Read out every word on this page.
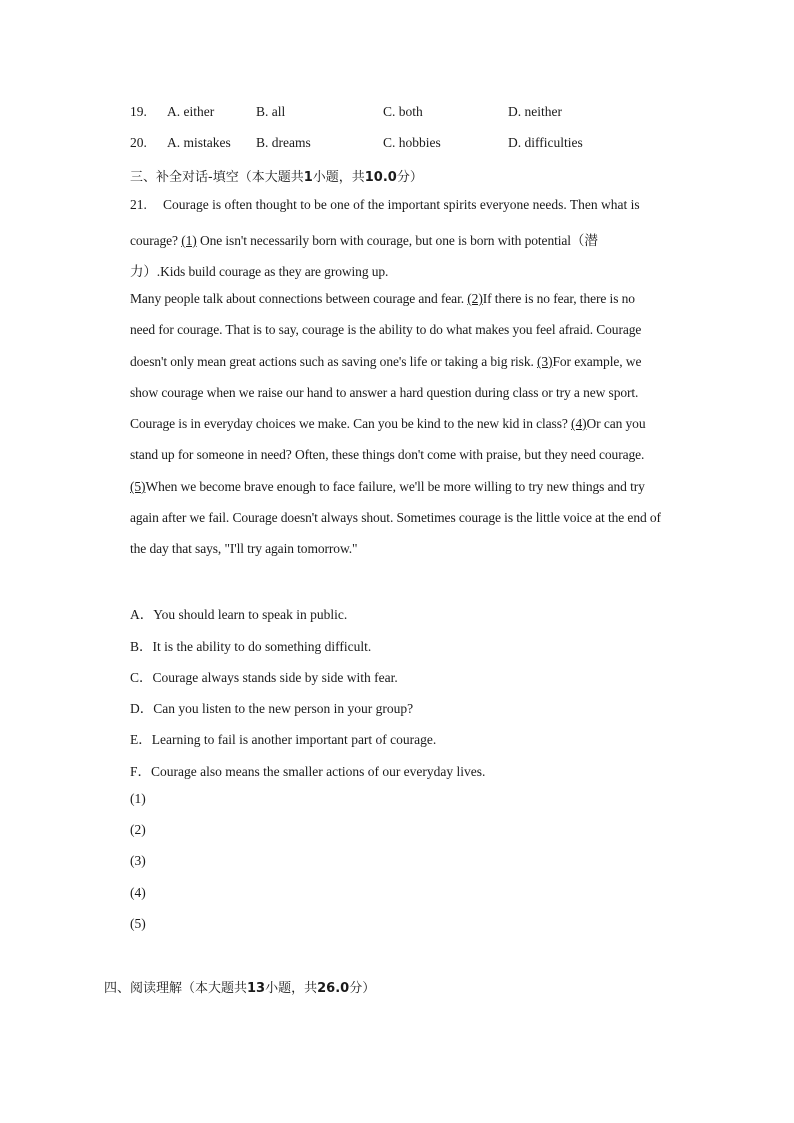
19. A. either	B. all	C. both	D. neither
20. A. mistakes B. dreams	C. hobbies	D. difficulties
三、补全对话-填空（本大题共1小题，共10.0分）
21. Courage is often thought to be one of the important spirits everyone needs. Then what is
courage? (1) One isn't necessarily born with courage, but one is born with potential（潜
力）.Kids build courage as they are growing up.
Many people talk about connections between courage and fear. (2)If there is no fear, there is no
need for courage. That is to say, courage is the ability to do what makes you feel afraid. Courage
doesn't only mean great actions such as saving one's life or taking a big risk. (3)For example, we
show courage when we raise our hand to answer a hard question during class or try a new sport.
Courage is in everyday choices we make. Can you be kind to the new kid in class? (4)Or can you
stand up for someone in need? Often, these things don't come with praise, but they need courage.
(5)When we become brave enough to face failure, we'll be more willing to try new things and try
again after we fail. Courage doesn't always shout. Sometimes courage is the little voice at the end of
the day that says, "I'll try again tomorrow."
A．You should learn to speak in public.
B．It is the ability to do something difficult.
C．Courage always stands side by side with fear.
D．Can you listen to the new person in your group?
E．Learning to fail is another important part of courage.
F．Courage also means the smaller actions of our everyday lives.
(1)
(2)
(3)
(4)
(5)
四、阅读理解（本大题共13小题，共26.0分）
